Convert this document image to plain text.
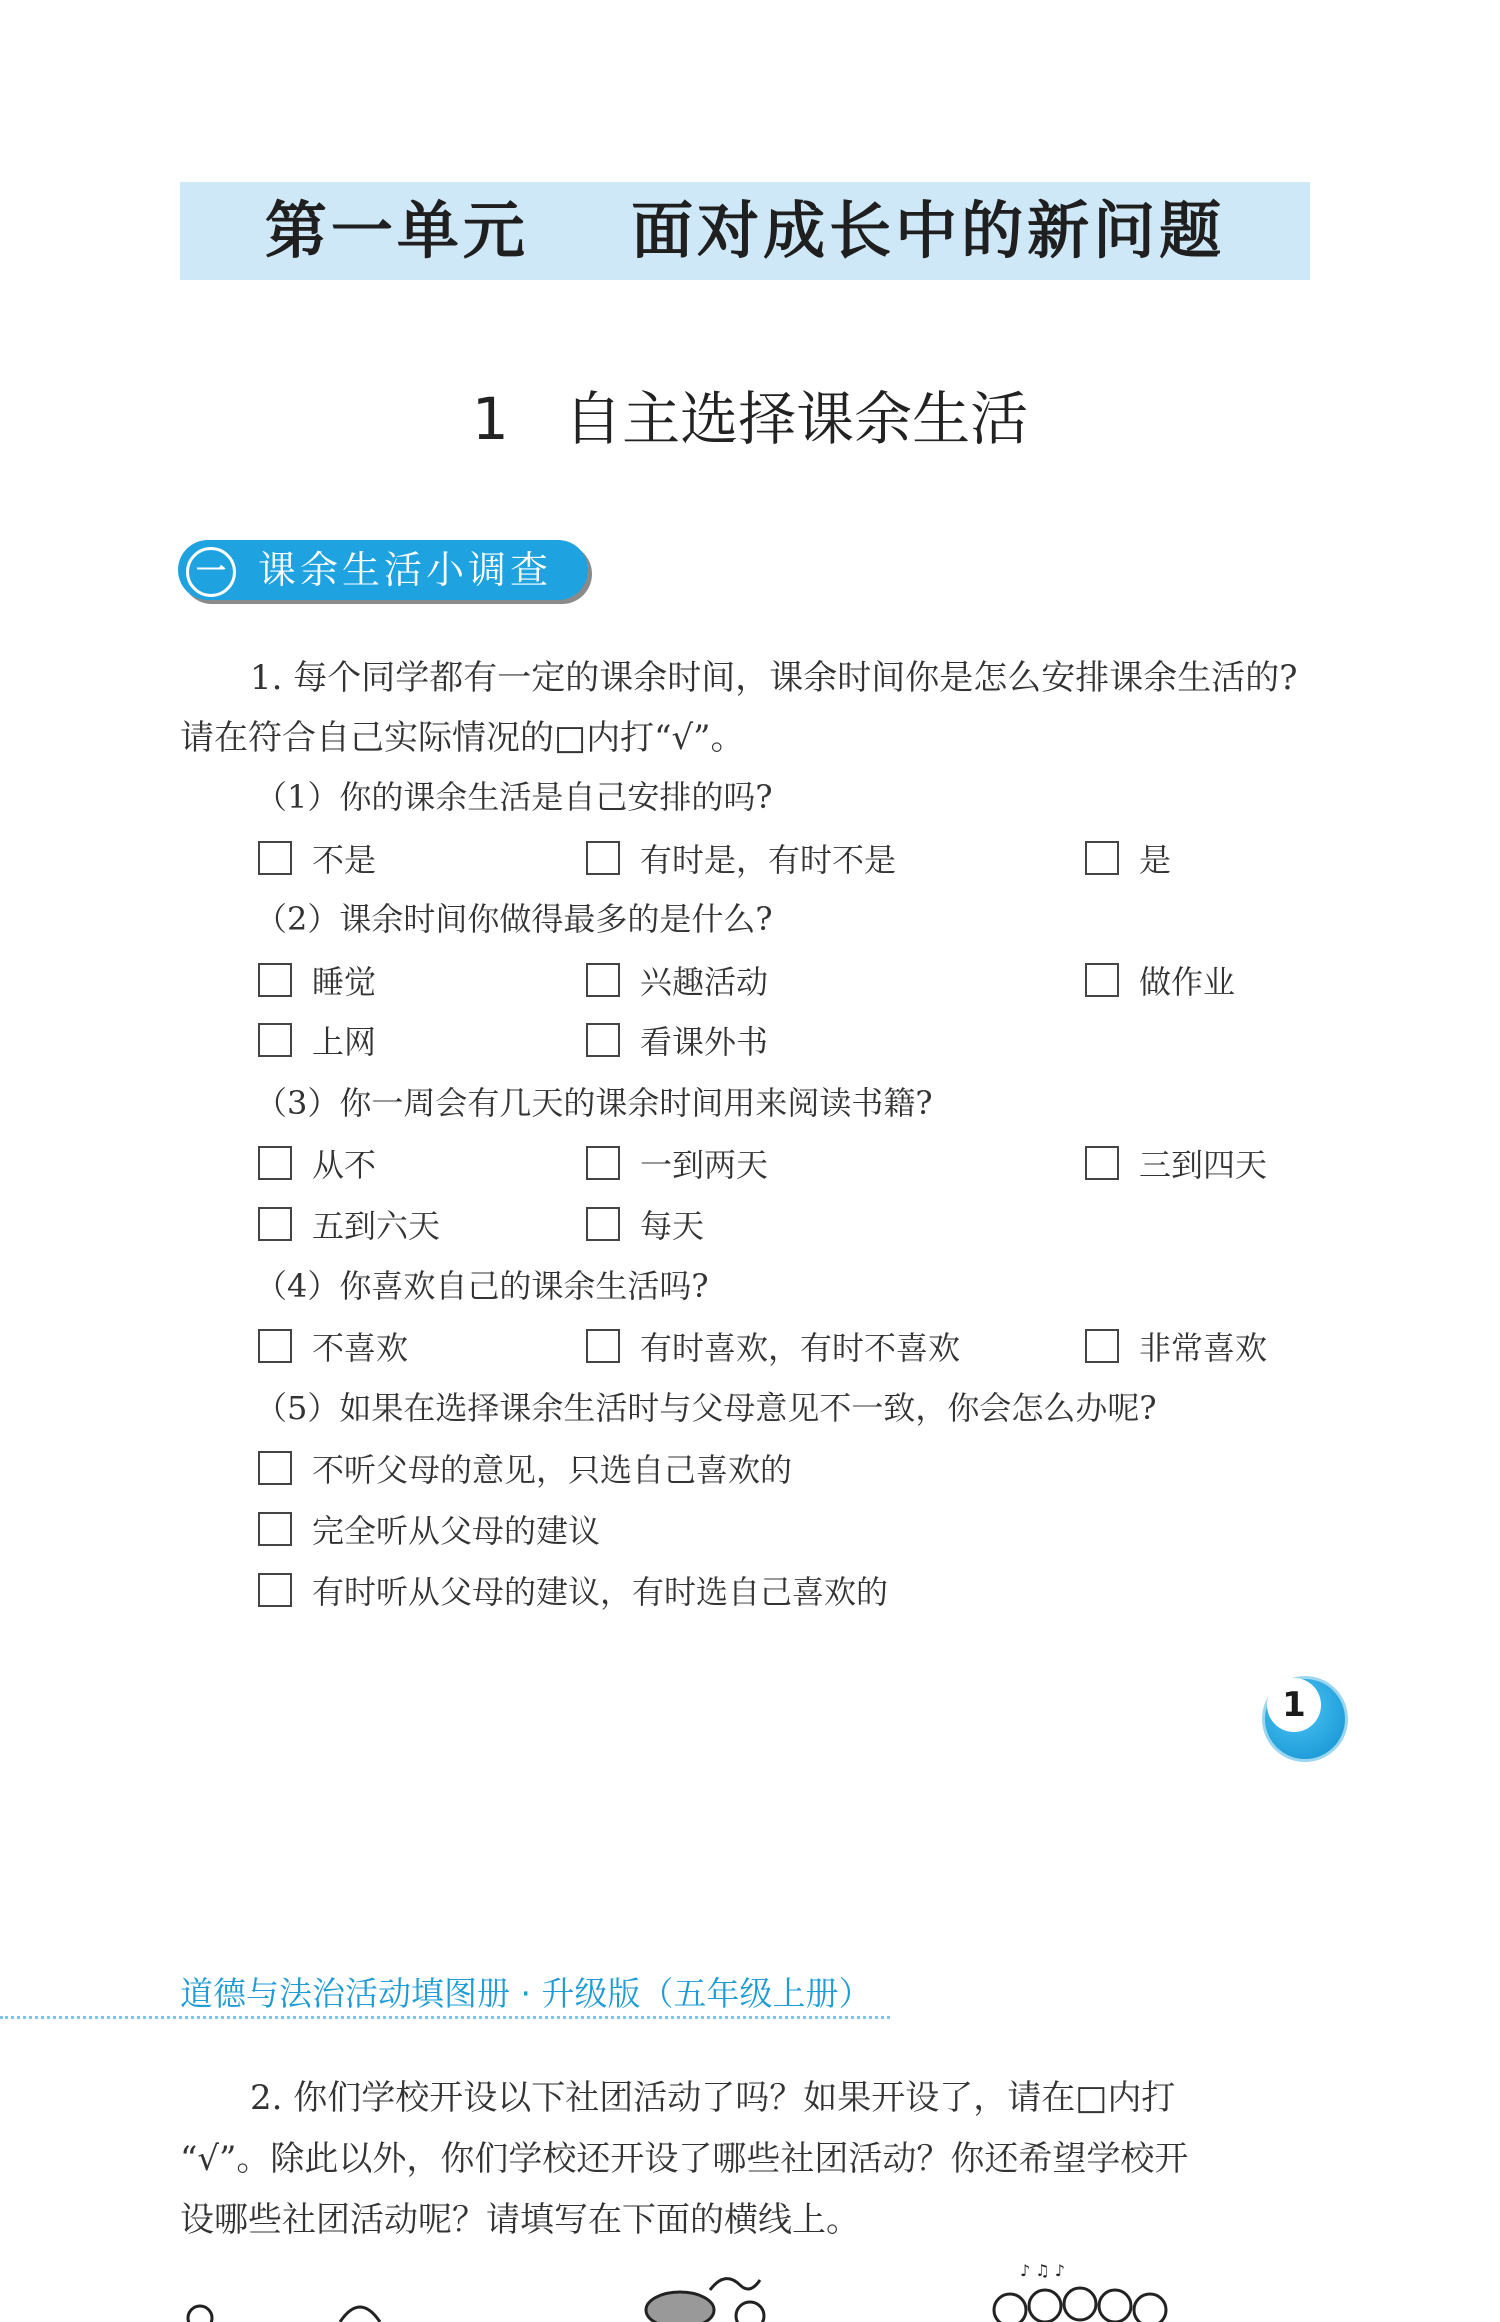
第一单元    面对成长中的新问题
1   自主选择课余生活
一 课余生活小调查
1. 每个同学都有一定的课余时间，课余时间你是怎么安排课余生活的?
请在符合自己实际情况的□内打“√”。
（1）你的课余生活是自己安排的吗?
不是	有时是，有时不是	是
（2）课余时间你做得最多的是什么?
睡觉	兴趣活动	做作业
上网	看课外书
（3）你一周会有几天的课余时间用来阅读书籍?
从不	一到两天	三到四天
五到六天	每天
（4）你喜欢自己的课余生活吗?
不喜欢	有时喜欢，有时不喜欢	非常喜欢
（5）如果在选择课余生活时与父母意见不一致，你会怎么办呢?
不听父母的意见，只选自己喜欢的
完全听从父母的建议
有时听从父母的建议，有时选自己喜欢的
1
道德与法治活动填图册 · 升级版（五年级上册）
2. 你们学校开设以下社团活动了吗？如果开设了，请在□内打
“√”。除此以外，你们学校还开设了哪些社团活动？你还希望学校开
设哪些社团活动呢？请填写在下面的横线上。
♪ ♫ ♪
